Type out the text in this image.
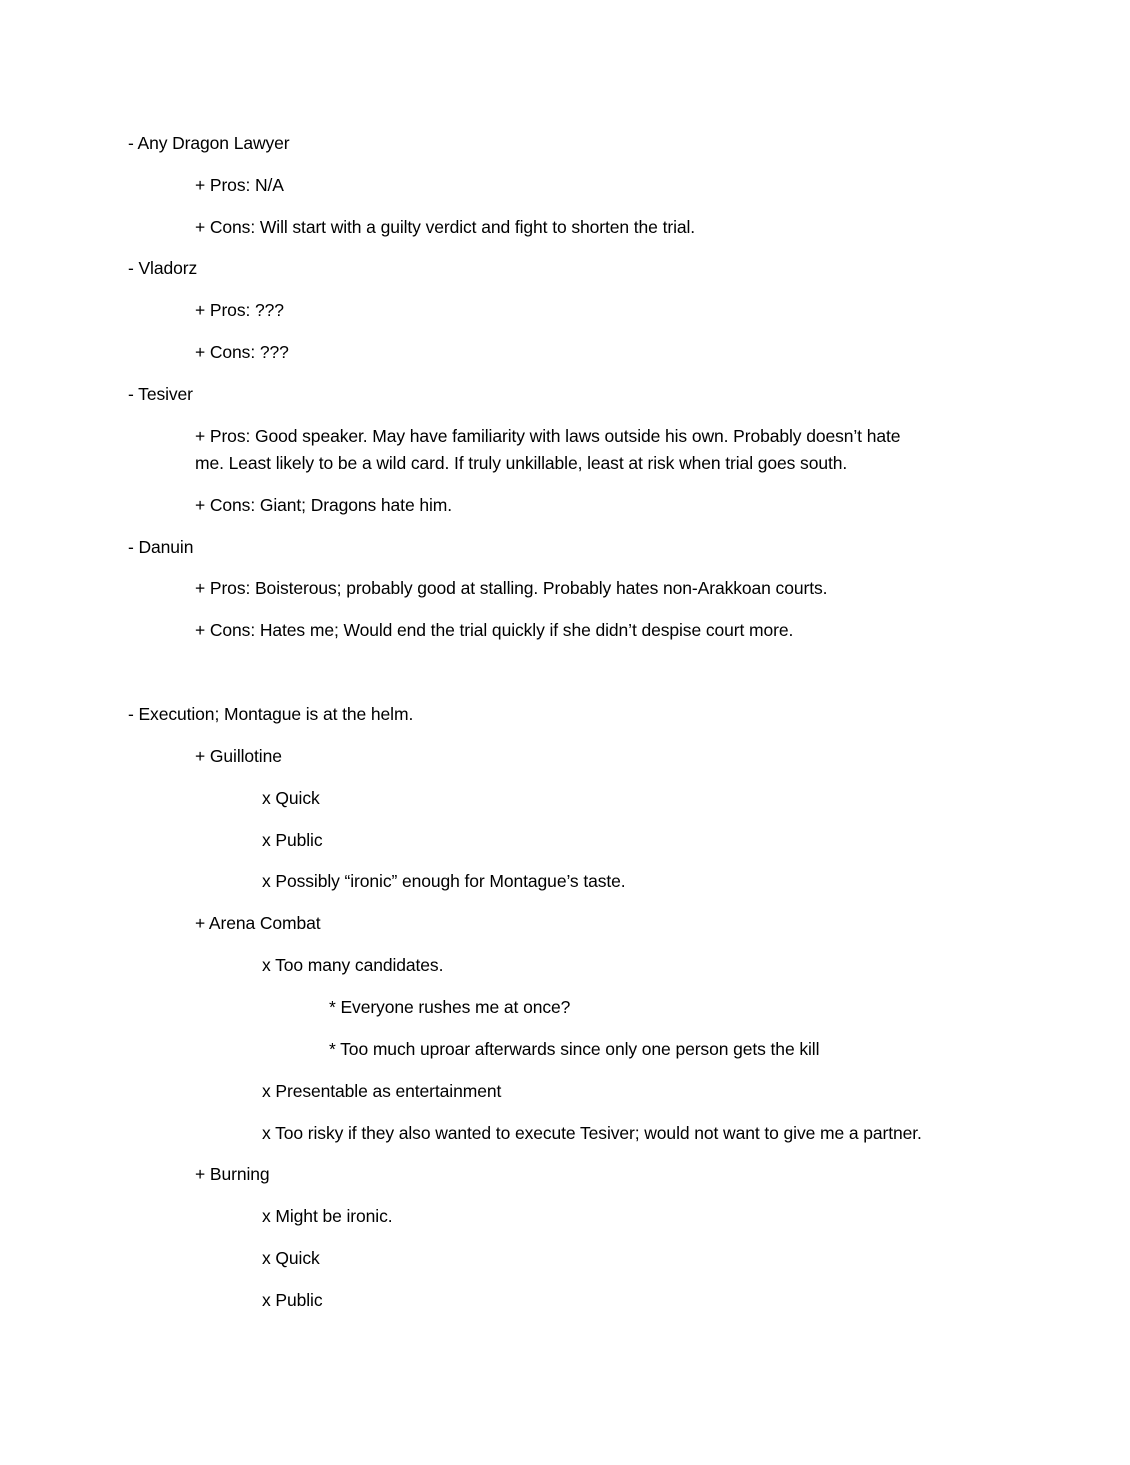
- Any Dragon Lawyer
+ Pros: N/A
+ Cons: Will start with a guilty verdict and fight to shorten the trial.
- Vladorz
+ Pros: ???
+ Cons: ???
- Tesiver
+ Pros: Good speaker. May have familiarity with laws outside his own. Probably doesn’t hate
me. Least likely to be a wild card. If truly unkillable, least at risk when trial goes south.
+ Cons: Giant; Dragons hate him.
- Danuin
+ Pros: Boisterous; probably good at stalling. Probably hates non-Arakkoan courts.
+ Cons: Hates me; Would end the trial quickly if she didn’t despise court more.
- Execution; Montague is at the helm.
+ Guillotine
x Quick
x Public
x Possibly “ironic” enough for Montague’s taste.
+ Arena Combat
x Too many candidates.
* Everyone rushes me at once?
* Too much uproar afterwards since only one person gets the kill
x Presentable as entertainment
x Too risky if they also wanted to execute Tesiver; would not want to give me a partner.
+ Burning
x Might be ironic.
x Quick
x Public
